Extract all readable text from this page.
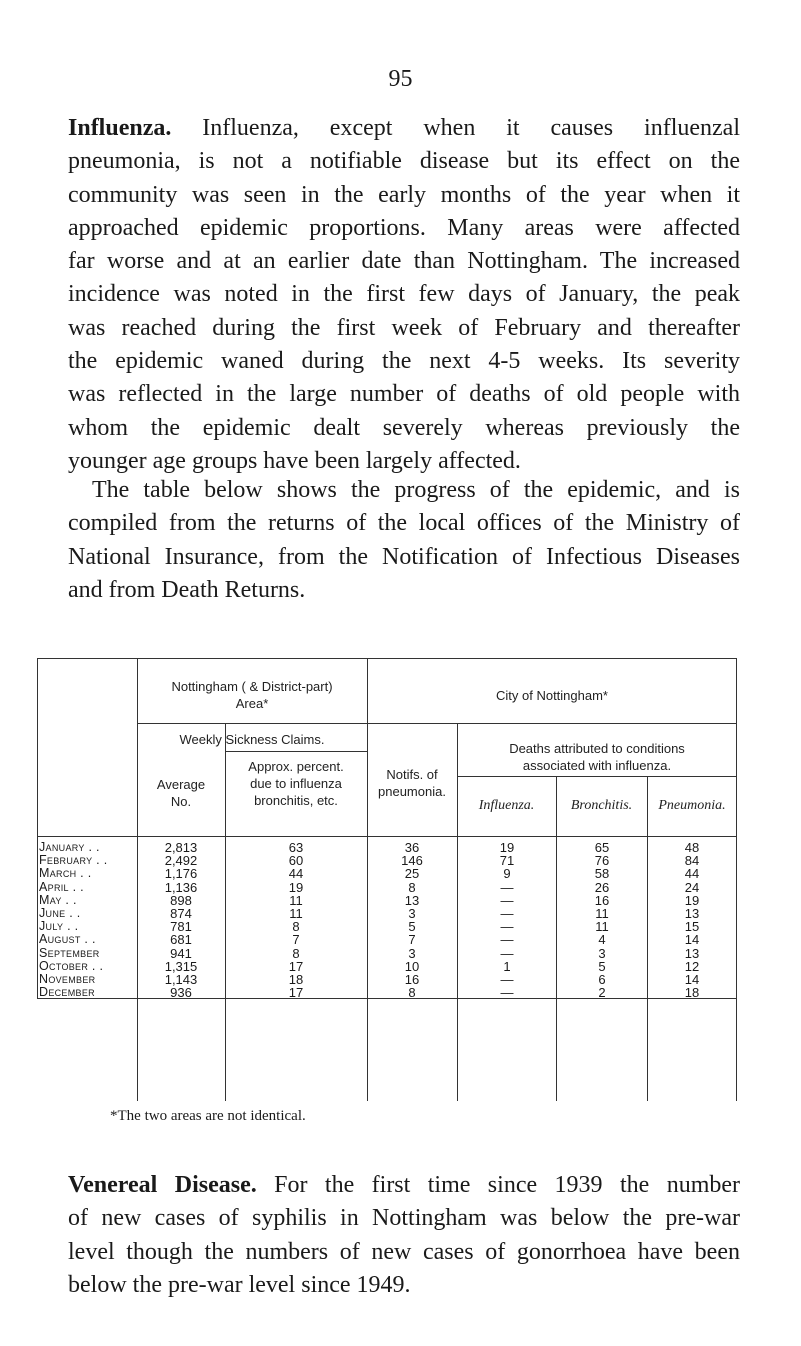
95
Influenza. Influenza, except when it causes influenzal
pneumonia, is not a notifiable disease but its effect on the
community was seen in the early months of the year when it
approached epidemic proportions. Many areas were affected
far worse and at an earlier date than Nottingham. The increased
incidence was noted in the first few days of January, the peak
was reached during the first week of February and thereafter
the epidemic waned during the next 4-5 weeks. Its severity
was reflected in the large number of deaths of old people with
whom the epidemic dealt severely whereas previously the
younger age groups have been largely affected.
The table below shows the progress of the epidemic, and is
compiled from the returns of the local offices of the Ministry of
National Insurance, from the Notification of Infectious Diseases
and from Death Returns.
Nottingham ( & District-part)
Area*
City of Nottingham*
Weekly Sickness Claims.
Average
No.
Approx. percent.
due to influenza
bronchitis, etc.
Notifs. of
pneumonia.
Deaths attributed to conditions
associated with influenza.
Influenza.	Bronchitis.	Pneumonia.
January . .	2,813	63	36	19	65	48
February . .	2,492	60	146	71	76	84
March . .	1,176	44	25	9	58	44
April . .	1,136	19	8	—	26	24
May . .	898	11	13	—	16	19
June . .	874	11	3	—	11	13
July . .	781	8	5	—	11	15
August . .	681	7	7	—	4	14
September	941	8	3	—	3	13
October . .	1,315	17	10	1	5	12
November	1,143	18	16	—	6	14
December	936	17	8	—	2	18
*The two areas are not identical.
Venereal Disease. For the first time since 1939 the number
of new cases of syphilis in Nottingham was below the pre-war
level though the numbers of new cases of gonorrhoea have been
below the pre-war level since 1949.
